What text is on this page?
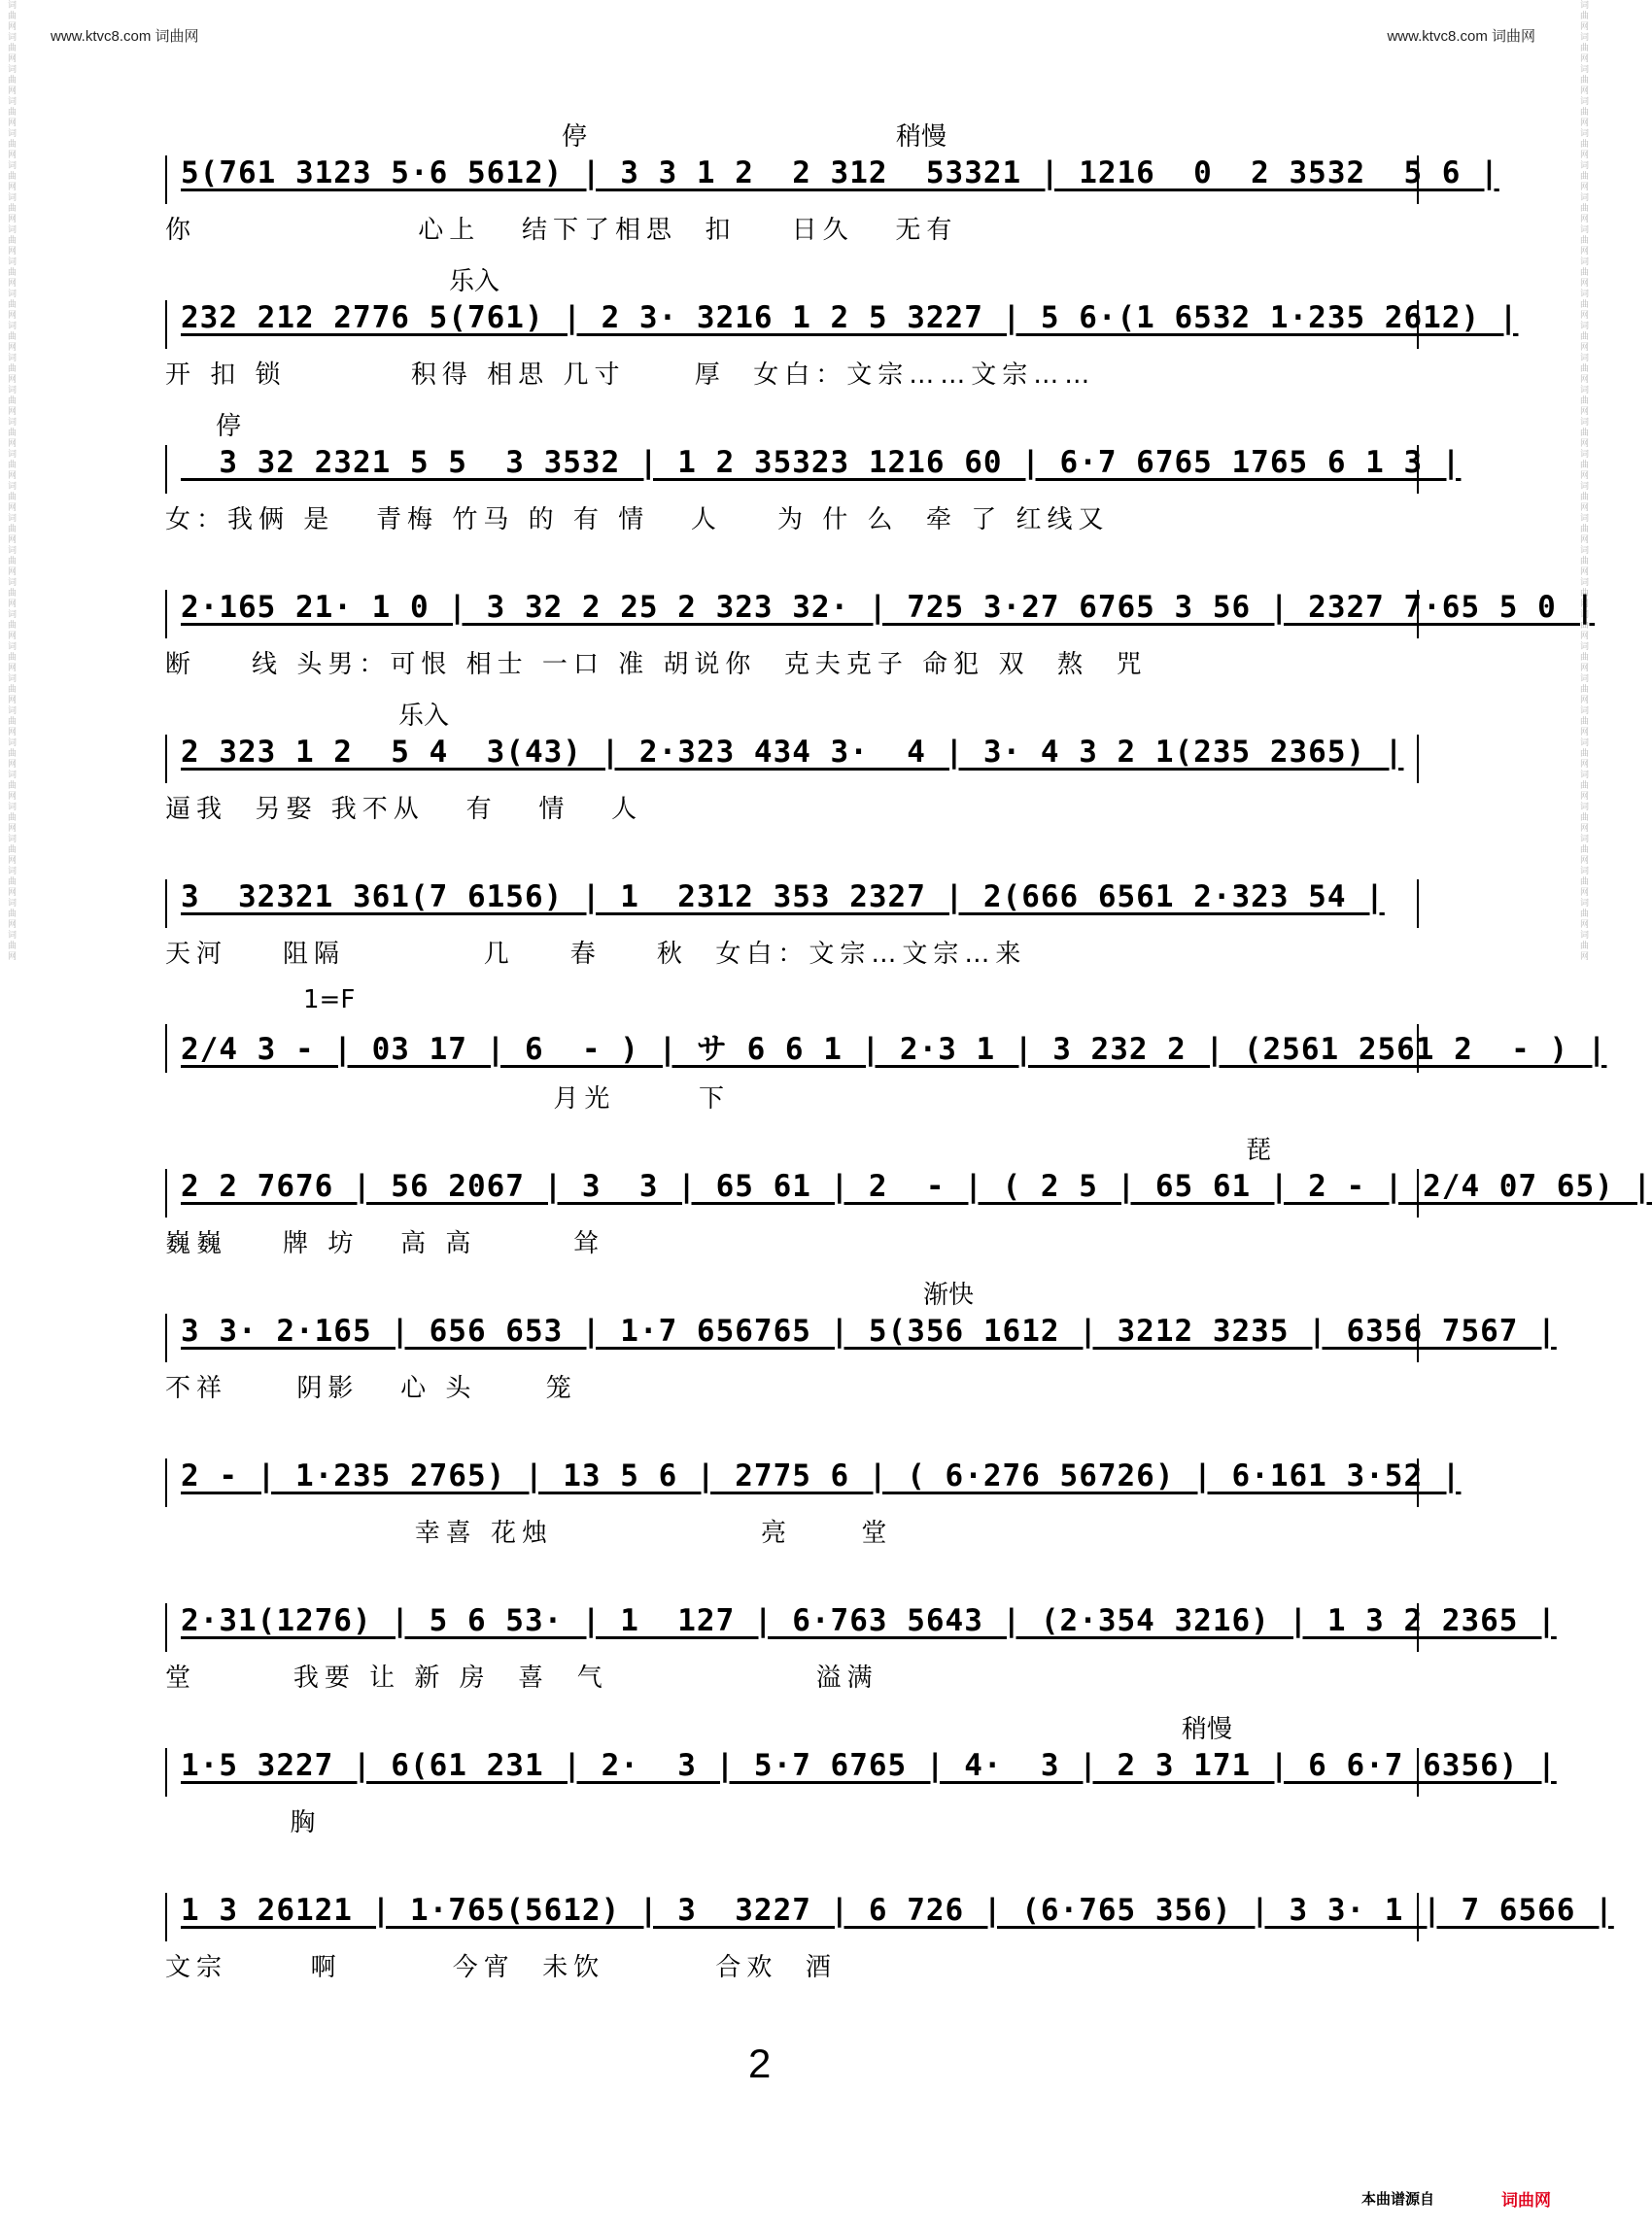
www.ktvc8.com 词曲网	www.ktvc8.com 词曲网
词曲网词曲网词曲网词曲网词曲网词曲网词曲网词曲网词曲网词曲网词曲网词曲网词曲网词曲网词曲网词曲网词曲网词曲网词曲网词曲网词曲网词曲网词曲网词曲网词曲网词曲网词曲网词曲网词曲网词曲网	词曲网词曲网词曲网词曲网词曲网词曲网词曲网词曲网词曲网词曲网词曲网词曲网词曲网词曲网词曲网词曲网词曲网词曲网词曲网词曲网词曲网词曲网词曲网词曲网词曲网词曲网词曲网词曲网词曲网词曲网
停	稍慢
5(761 3123 5·6 5612) | 3 3 1 2  2 312  53321 | 1216  0  2 3532  5 6 |
你                心上   结下了相思  扣    日久   无有
乐入
232 212 2776 5(761) | 2 3· 3216 1 2 5 3227 | 5 6·(1 6532 1·235 2612) |
开 扣 锁         积得 相思 几寸     厚  女白：文宗……文宗……
停
3 32 2321 5 5  3 3532 | 1 2 35323 1216 60 | 6·7 6765 1765 6 1 3 |
女：我俩 是   青梅 竹马 的 有 情   人    为 什 么  牵 了 红线又
2·165 21· 1 0 | 3 32 2 25 2 323 32· | 725 3·27 6765 3 56 | 2327 7·65 5 0 |
断    线 头男：可恨 相士 一口 准 胡说你  克夫克子 命犯 双  熬  咒
乐入
2 323 1 2  5 4  3(43) | 2·323 434 3·  4 | 3· 4 3 2 1(235 2365) |
逼我  另娶 我不从   有   情   人
3  32321 361(7 6156) | 1  2312 353 2327 | 2(666 6561 2·323 54 |
天河    阻隔          几    春    秋  女白：文宗…文宗…来
1=F
2/4 3 - | 03 17 | 6  - ) | サ 6 6 1 | 2·3 1 | 3 232 2 | (2561 2561 2  - ) |
月光      下
琵
2 2 7676 | 56 2067 | 3  3 | 65 61 | 2  - | ( 2 5 | 65 61 | 2 - | 2/4 07 65) |
巍巍    牌 坊   高 高       耸
渐快
3 3· 2·165 | 656 653 | 1·7 656765 | 5(356 1612 | 3212 3235 | 6356 7567 |
不祥     阴影   心 头     笼
2 - | 1·235 2765) | 13 5 6 | 2775 6 | ( 6·276 56726) | 6·161 3·52 |
幸喜 花烛               亮     堂
2·31(1276) | 5 6 53· | 1  127 | 6·763 5643 | (2·354 3216) | 1 3 2 2365 |
堂       我要 让 新 房  喜  气               溢满
稍慢
1·5 3227 | 6(61 231 | 2·  3 | 5·7 6765 | 4·  3 | 2 3 171 | 6 6·7 6356) |
胸
1 3 26121 | 1·765(5612) | 3  3227 | 6 726 | (6·765 356) | 3 3· 1 | 7 6566 |
文宗      啊        今宵  未饮        合欢  酒
2
本曲谱源自	词曲网
